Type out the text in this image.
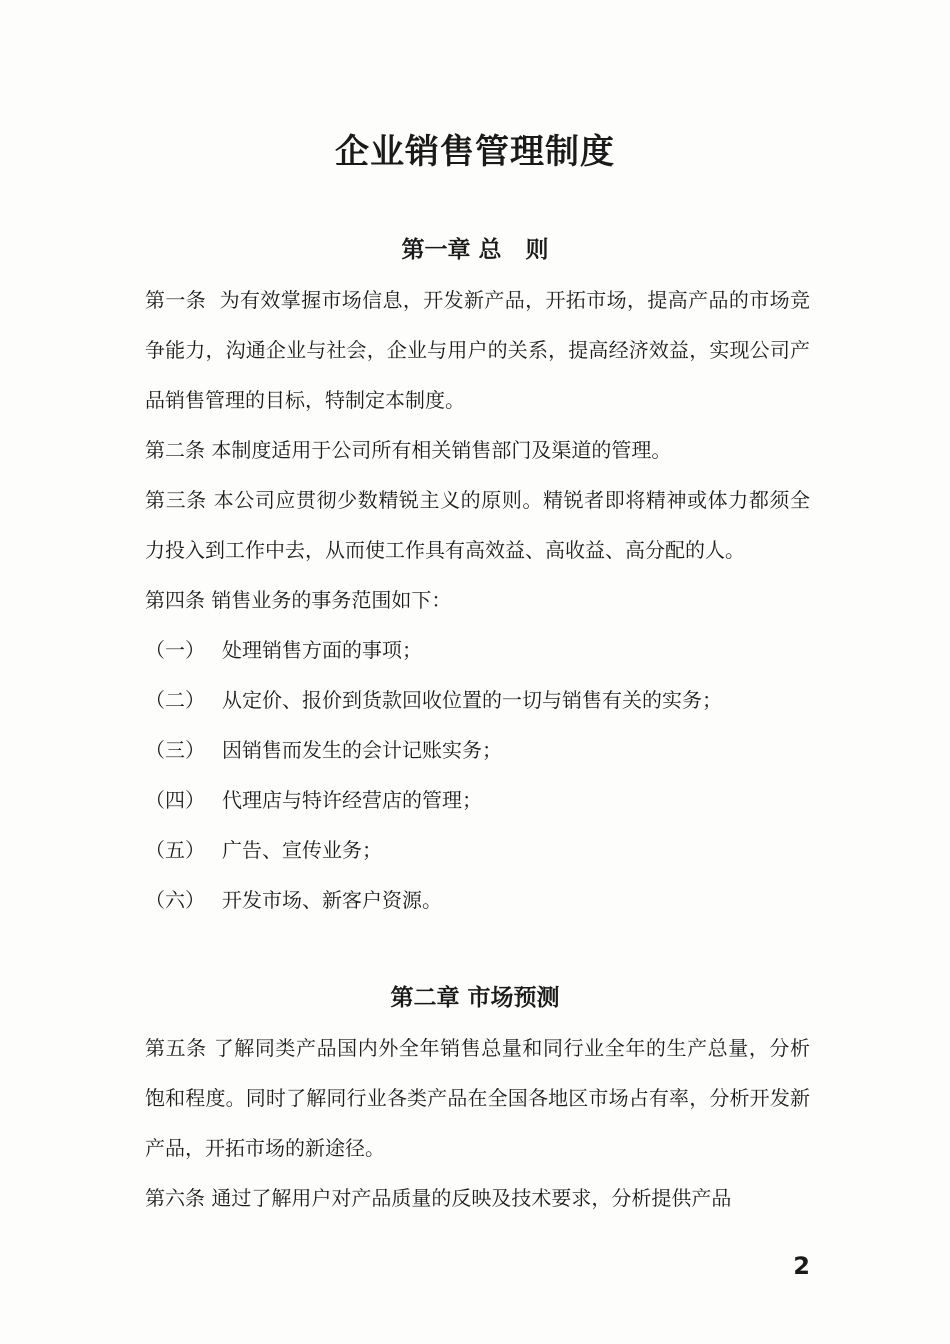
企业销售管理制度
第一章 总   则

第一条  为有效掌握市场信息，开发新产品，开拓市场，提高产品的市场竞争能力，沟通企业与社会，企业与用户的关系，提高经济效益，实现公司产品销售管理的目标，特制定本制度。

第二条 本制度适用于公司所有相关销售部门及渠道的管理。

第三条 本公司应贯彻少数精锐主义的原则。精锐者即将精神或体力都须全力投入到工作中去，从而使工作具有高效益、高收益、高分配的人。

第四条 销售业务的事务范围如下：

（一） 处理销售方面的事项；

（二） 从定价、报价到货款回收位置的一切与销售有关的实务；

（三） 因销售而发生的会计记账实务；

（四） 代理店与特许经营店的管理；

（五） 广告、宣传业务；

（六） 开发市场、新客户资源。

第二章 市场预测

第五条 了解同类产品国内外全年销售总量和同行业全年的生产总量，分析饱和程度。同时了解同行业各类产品在全国各地区市场占有率，分析开发新产品，开拓市场的新途径。

第六条 通过了解用户对产品质量的反映及技术要求，分析提供产品

2
